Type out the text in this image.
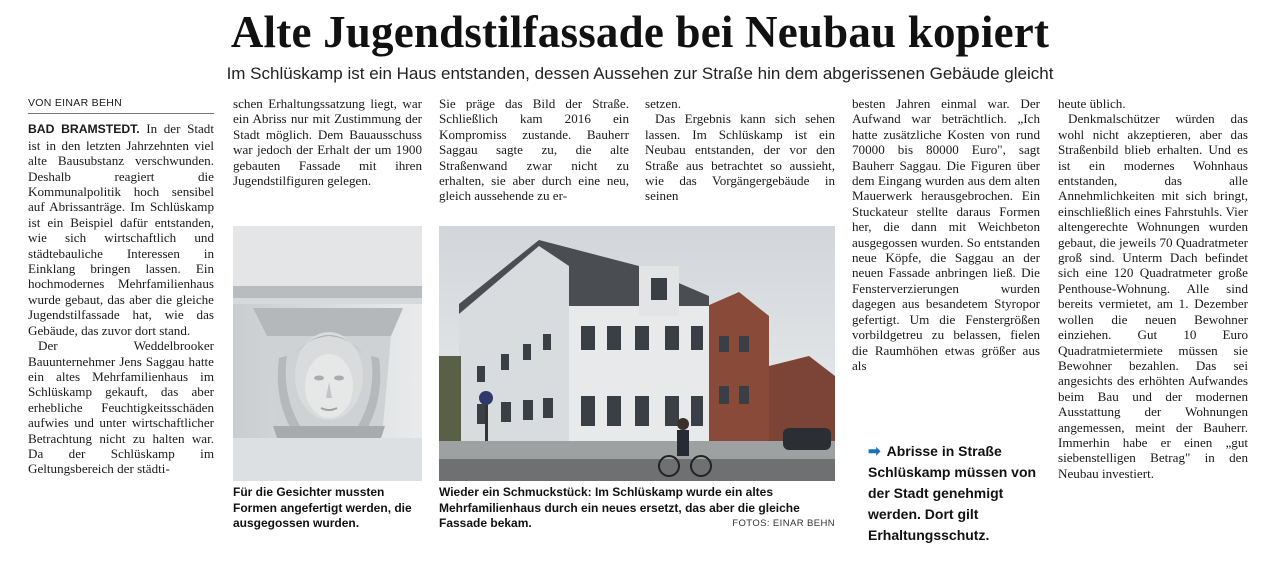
Alte Jugendstilfassade bei Neubau kopiert
Im Schlüskamp ist ein Haus entstanden, dessen Aussehen zur Straße hin dem abgerissenen Gebäude gleicht
VON EINAR BEHN

BAD BRAMSTEDT. In der Stadt ist in den letzten Jahrzehnten viel alte Bausubstanz verschwunden. Deshalb reagiert die Kommunalpolitik hoch sensibel auf Abrissanträge. Im Schlüskamp ist ein Beispiel dafür entstanden, wie sich wirtschaftlich und städtebauliche Interessen in Einklang bringen lassen. Ein hochmodernes Mehrfamilienhaus wurde gebaut, das aber die gleiche Jugendstilfassade hat, wie das Gebäude, das zuvor dort stand.

Der Weddelbrooker Bauunternehmer Jens Saggau hatte ein altes Mehrfamilienhaus im Schlüskamp gekauft, das aber erhebliche Feuchtigkeitsschäden aufwies und unter wirtschaftlicher Betrachtung nicht zu halten war. Da der Schlüskamp im Geltungsbereich der städti-

schen Erhaltungssatzung liegt, war ein Abriss nur mit Zustimmung der Stadt möglich. Dem Bauausschuss war jedoch der Erhalt der um 1900 gebauten Fassade mit ihren Jugendstilfiguren gelegen.

Sie präge das Bild der Straße. Schließlich kam 2016 ein Kompromiss zustande. Bauherr Saggau sagte zu, die alte Straßenwand zwar nicht zu erhalten, sie aber durch eine neu, gleich aussehende zu er-

setzen.

Das Ergebnis kann sich sehen lassen. Im Schlüskamp ist ein Neubau entstanden, der vor den Straße aus betrachtet so aussieht, wie das Vorgängergebäude in seinen

besten Jahren einmal war. Der Aufwand war beträchtlich. „Ich hatte zusätzliche Kosten von rund 70000 bis 80000 Euro", sagt Bauherr Saggau. Die Figuren über dem Eingang wurden aus dem alten Mauerwerk herausgebrochen. Ein Stuckateur stellte daraus Formen her, die dann mit Weichbeton ausgegossen wurden. So entstanden neue Köpfe, die Saggau an der neuen Fassade anbringen ließ. Die Fensterverzierungen wurden dagegen aus besandetem Styropor gefertigt. Um die Fenstergrößen vorbildgetreu zu belassen, fielen die Raumhöhen etwas größer aus als

heute üblich.

Denkmalschützer würden das wohl nicht akzeptieren, aber das Straßenbild blieb erhalten. Und es ist ein modernes Wohnhaus entstanden, das alle Annehmlichkeiten mit sich bringt, einschließlich eines Fahrstuhls. Vier altengerechte Wohnungen wurden gebaut, die jeweils 70 Quadratmeter groß sind. Unterm Dach befindet sich eine 120 Quadratmeter große Penthouse-Wohnung. Alle sind bereits vermietet, am 1. Dezember wollen die neuen Bewohner einziehen. Gut 10 Euro Quadratmietermiete müssen sie Bewohner bezahlen. Das sei angesichts des erhöhten Aufwandes beim Bau und der modernen Ausstattung der Wohnungen angemessen, meint der Bauherr. Immerhin habe er einen „gut siebenstelligen Betrag" in den Neubau investiert.

Für die Gesichter mussten Formen angefertigt werden, die ausgegossen wurden.
Wieder ein Schmuckstück: Im Schlüskamp wurde ein altes Mehrfamilienhaus durch ein neues ersetzt, das aber die gleiche Fassade bekam.	FOTOS: EINAR BEHN
➡ Abrisse in Straße Schlüskamp müssen von der Stadt genehmigt werden. Dort gilt Erhaltungsschutz.
